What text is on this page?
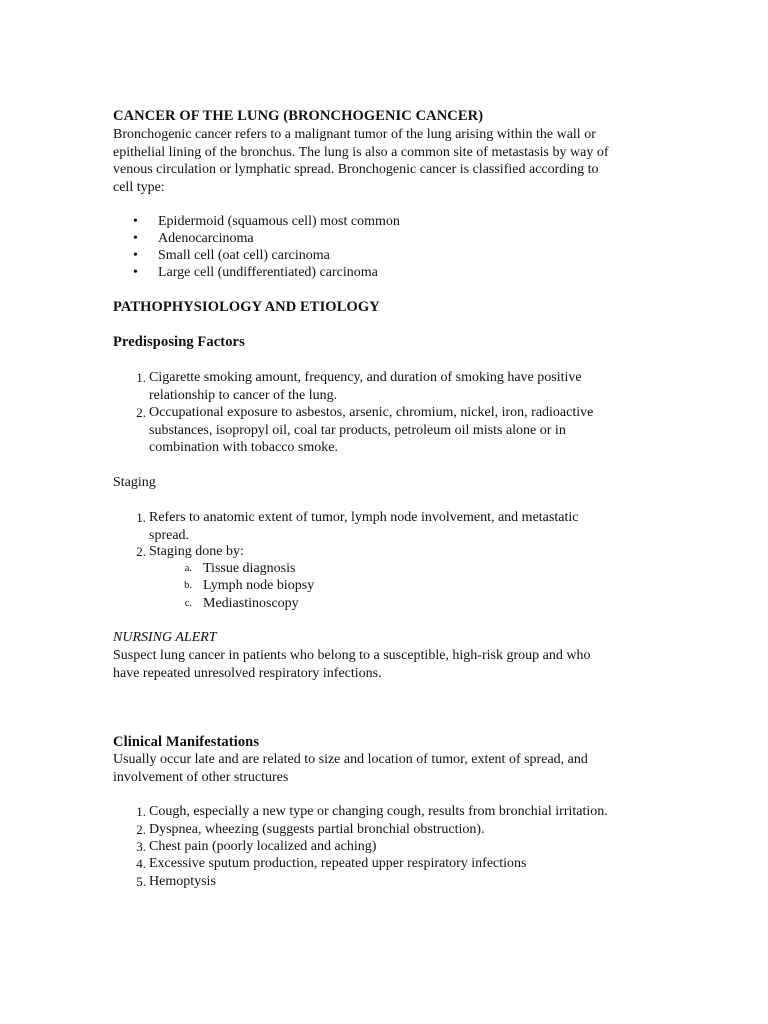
CANCER OF THE LUNG (BRONCHOGENIC CANCER)
Bronchogenic cancer refers to a malignant tumor of the lung arising within the wall or
epithelial lining of the bronchus. The lung is also a common site of metastasis by way of
venous circulation or lymphatic spread. Bronchogenic cancer is classified according to
cell type:
• Epidermoid (squamous cell) most common
• Adenocarcinoma
• Small cell (oat cell) carcinoma
• Large cell (undifferentiated) carcinoma
PATHOPHYSIOLOGY AND ETIOLOGY
Predisposing Factors
1. Cigarette smoking amount, frequency, and duration of smoking have positive
relationship to cancer of the lung.
2. Occupational exposure to asbestos, arsenic, chromium, nickel, iron, radioactive
substances, isopropyl oil, coal tar products, petroleum oil mists alone or in
combination with tobacco smoke.
Staging
1. Refers to anatomic extent of tumor, lymph node involvement, and metastatic
spread.
2. Staging done by:
a. Tissue diagnosis
b. Lymph node biopsy
c. Mediastinoscopy
NURSING ALERT
Suspect lung cancer in patients who belong to a susceptible, high-risk group and who
have repeated unresolved respiratory infections.
Clinical Manifestations
Usually occur late and are related to size and location of tumor, extent of spread, and
involvement of other structures
1. Cough, especially a new type or changing cough, results from bronchial irritation.
2. Dyspnea, wheezing (suggests partial bronchial obstruction).
3. Chest pain (poorly localized and aching)
4. Excessive sputum production, repeated upper respiratory infections
5. Hemoptysis
